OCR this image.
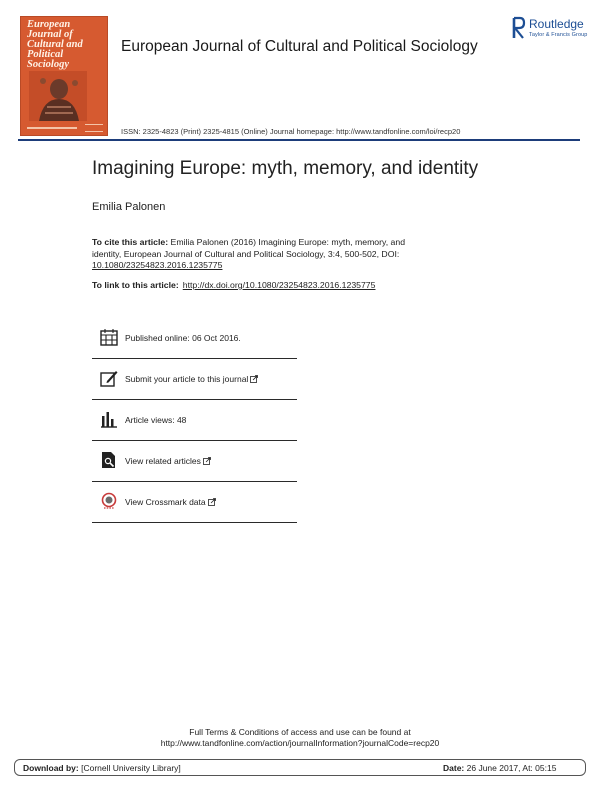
European
Journal of
Cultural and
Political
Sociology
European Journal of Cultural and Political Sociology
Routledge
Taylor & Francis Group
ISSN: 2325-4823 (Print) 2325-4815 (Online) Journal homepage: http://www.tandfonline.com/loi/recp20
Imagining Europe: myth, memory, and identity
Emilia Palonen
To cite this article: Emilia Palonen (2016) Imagining Europe: myth, memory, and identity, European Journal of Cultural and Political Sociology, 3:4, 500-502, DOI: 10.1080/23254823.2016.1235775
To link to this article: http://dx.doi.org/10.1080/23254823.2016.1235775
Published online: 06 Oct 2016.
Submit your article to this journal
Article views: 48
View related articles
View Crossmark data
Full Terms & Conditions of access and use can be found at
http://www.tandfonline.com/action/journalInformation?journalCode=recp20
Download by: [Cornell University Library]	Date: 26 June 2017, At: 05:15
